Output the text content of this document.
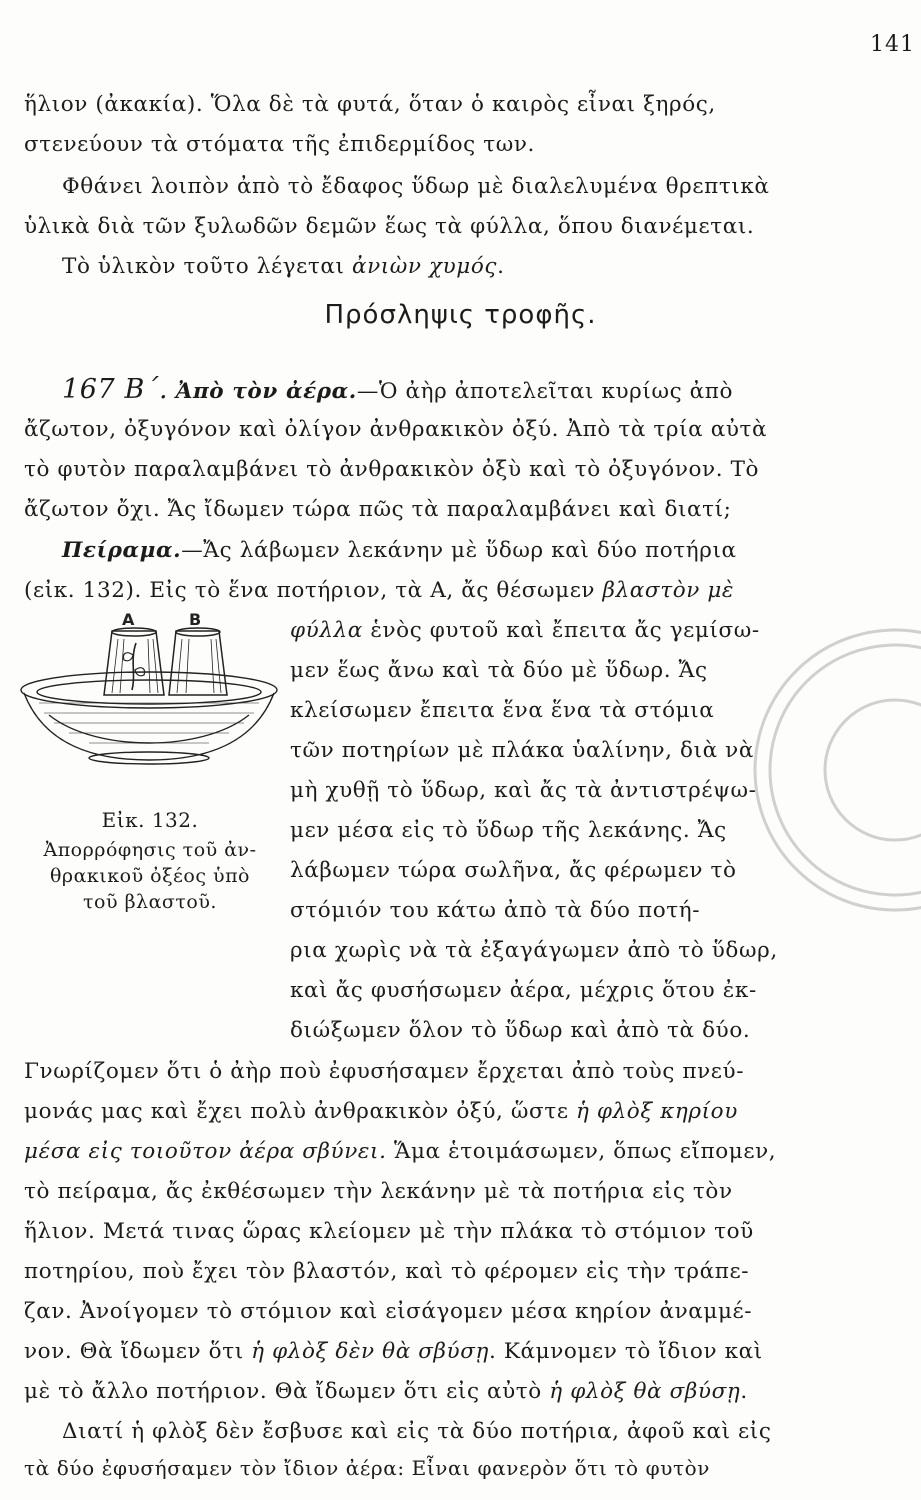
141
ἥλιον (ἀκακία). Ὅλα δὲ τὰ φυτά, ὅταν ὁ καιρὸς εἶναι ξηρός,
στενεύουν τὰ στόματα τῆς ἐπιδερμίδος των.
Φθάνει λοιπὸν ἀπὸ τὸ ἔδαφος ὕδωρ μὲ διαλελυμένα θρεπτικὰ
ὑλικὰ διὰ τῶν ξυλωδῶν δεμῶν ἕως τὰ φύλλα, ὅπου διανέμεται.
Τὸ ὑλικὸν τοῦτο λέγεται ἀνιὼν χυμός.
Πρόσληψις τροφῆς.
167 Β΄. Ἀπὸ τὸν ἀέρα.—Ὁ ἀὴρ ἀποτελεῖται κυρίως ἀπὸ
ἄζωτον, ὀξυγόνον καὶ ὀλίγον ἀνθρακικὸν ὀξύ. Ἀπὸ τὰ τρία αὐτὰ
τὸ φυτὸν παραλαμβάνει τὸ ἀνθρακικὸν ὀξὺ καὶ τὸ ὀξυγόνον. Τὸ
ἄζωτον ὄχι. Ἄς ἴδωμεν τώρα πῶς τὰ παραλαμβάνει καὶ διατί;
Πείραμα.—Ἄς λάβωμεν λεκάνην μὲ ὕδωρ καὶ δύο ποτήρια
(εἰκ. 132). Εἰς τὸ ἕνα ποτήριον, τὰ Α, ἄς θέσωμεν βλαστὸν μὲ
φύλλα ἑνὸς φυτοῦ καὶ ἔπειτα ἄς γεμίσω-
μεν ἕως ἄνω καὶ τὰ δύο μὲ ὕδωρ. Ἄς
κλείσωμεν ἔπειτα ἕνα ἕνα τὰ στόμια
τῶν ποτηρίων μὲ πλάκα ὑαλίνην, διὰ νὰ
μὴ χυθῇ τὸ ὕδωρ, καὶ ἄς τὰ ἀντιστρέψω-
μεν μέσα εἰς τὸ ὕδωρ τῆς λεκάνης. Ἄς
λάβωμεν τώρα σωλῆνα, ἄς φέρωμεν τὸ
στόμιόν του κάτω ἀπὸ τὰ δύο ποτή-
ρια χωρὶς νὰ τὰ ἐξαγάγωμεν ἀπὸ τὸ ὕδωρ,
καὶ ἄς φυσήσωμεν ἀέρα, μέχρις ὅτου ἐκ-
διώξωμεν ὅλον τὸ ὕδωρ καὶ ἀπὸ τὰ δύο.
Α	Β
Εἰκ. 132.
Ἀπορρόφησις τοῦ ἀν-
θρακικοῦ ὀξέος ὑπὸ
τοῦ βλαστοῦ.
Γνωρίζομεν ὅτι ὁ ἀὴρ ποὺ ἐφυσήσαμεν ἔρχεται ἀπὸ τοὺς πνεύ-
μονάς μας καὶ ἔχει πολὺ ἀνθρακικὸν ὀξύ, ὥστε ἡ φλὸξ κηρίου
μέσα εἰς τοιοῦτον ἀέρα σβύνει. Ἅμα ἑτοιμάσωμεν, ὅπως εἴπομεν,
τὸ πείραμα, ἄς ἐκθέσωμεν τὴν λεκάνην μὲ τὰ ποτήρια εἰς τὸν
ἥλιον. Μετά τινας ὥρας κλείομεν μὲ τὴν πλάκα τὸ στόμιον τοῦ
ποτηρίου, ποὺ ἔχει τὸν βλαστόν, καὶ τὸ φέρομεν εἰς τὴν τράπε-
ζαν. Ἀνοίγομεν τὸ στόμιον καὶ εἰσάγομεν μέσα κηρίον ἀναμμέ-
νον. Θὰ ἴδωμεν ὅτι ἡ φλὸξ δὲν θὰ σβύσῃ. Κάμνομεν τὸ ἴδιον καὶ
μὲ τὸ ἄλλο ποτήριον. Θὰ ἴδωμεν ὅτι εἰς αὐτὸ ἡ φλὸξ θὰ σβύσῃ.
Διατί ἡ φλὸξ δὲν ἔσβυσε καὶ εἰς τὰ δύο ποτήρια, ἀφοῦ καὶ εἰς
τὰ δύο ἐφυσήσαμεν τὸν ἴδιον ἀέρα: Εἶναι φανερὸν ὅτι τὸ φυτὸν
